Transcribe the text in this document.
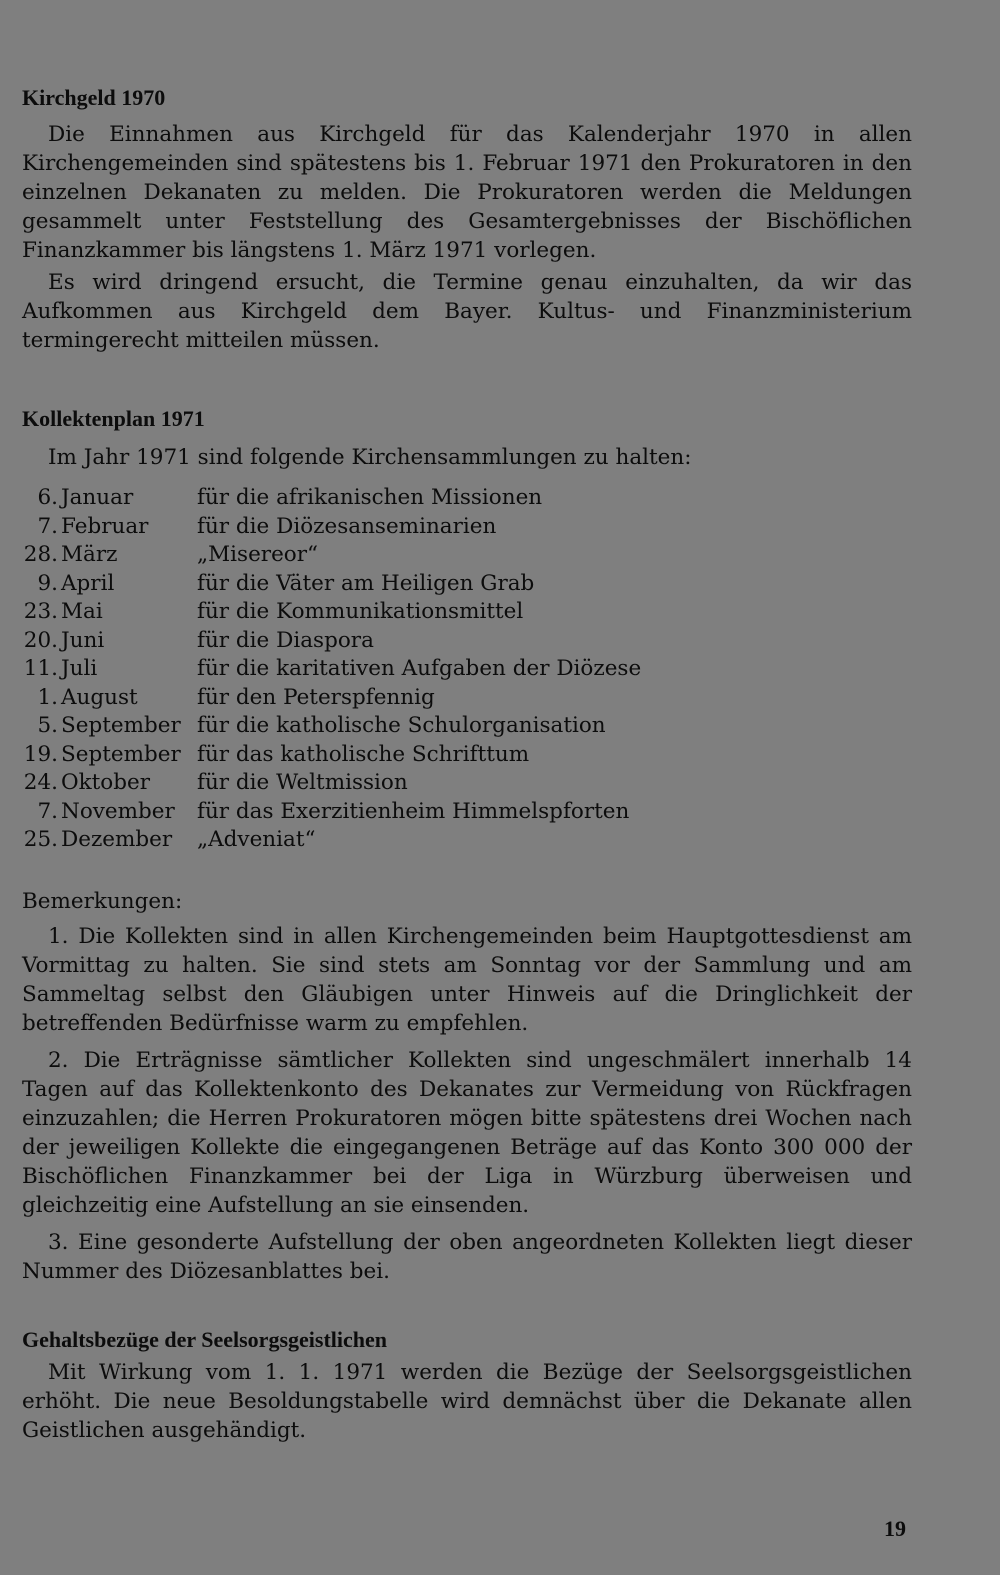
Kirchgeld 1970

Die Einnahmen aus Kirchgeld für das Kalenderjahr 1970 in allen Kirchengemeinden sind spätestens bis 1. Februar 1971 den Prokuratoren in den einzelnen Dekanaten zu melden. Die Prokuratoren werden die Meldungen gesammelt unter Feststellung des Gesamtergebnisses der Bischöflichen Finanzkammer bis längstens 1. März 1971 vorlegen.

Es wird dringend ersucht, die Termine genau einzuhalten, da wir das Aufkommen aus Kirchgeld dem Bayer. Kultus- und Finanzministerium termingerecht mitteilen müssen.

Kollektenplan 1971

Im Jahr 1971 sind folgende Kirchensammlungen zu halten:

6. Januar	für die afrikanischen Missionen
7. Februar	für die Diözesanseminarien
28. März	„Misereor“
9. April	für die Väter am Heiligen Grab
23. Mai	für die Kommunikationsmittel
20. Juni	für die Diaspora
11. Juli	für die karitativen Aufgaben der Diözese
1. August	für den Peterspfennig
5. September für die katholische Schulorganisation
19. September für das katholische Schrifttum
24. Oktober	für die Weltmission
7. November	für das Exerzitienheim Himmelspforten
25. Dezember	„Adveniat“

Bemerkungen:

1. Die Kollekten sind in allen Kirchengemeinden beim Hauptgottesdienst am Vormittag zu halten. Sie sind stets am Sonntag vor der Sammlung und am Sammeltag selbst den Gläubigen unter Hinweis auf die Dringlichkeit der betreffenden Bedürfnisse warm zu empfehlen.

2. Die Erträgnisse sämtlicher Kollekten sind ungeschmälert innerhalb 14 Tagen auf das Kollektenkonto des Dekanates zur Vermeidung von Rückfragen einzuzahlen; die Herren Prokuratoren mögen bitte spätestens drei Wochen nach der jeweiligen Kollekte die eingegangenen Beträge auf das Konto 300 000 der Bischöflichen Finanzkammer bei der Liga in Würzburg überweisen und gleichzeitig eine Aufstellung an sie einsenden.

3. Eine gesonderte Aufstellung der oben angeordneten Kollekten liegt dieser Nummer des Diözesanblattes bei.

Gehaltsbezüge der Seelsorgsgeistlichen

Mit Wirkung vom 1. 1. 1971 werden die Bezüge der Seelsorgsgeistlichen erhöht. Die neue Besoldungstabelle wird demnächst über die Dekanate allen Geistlichen ausgehändigt.

19
